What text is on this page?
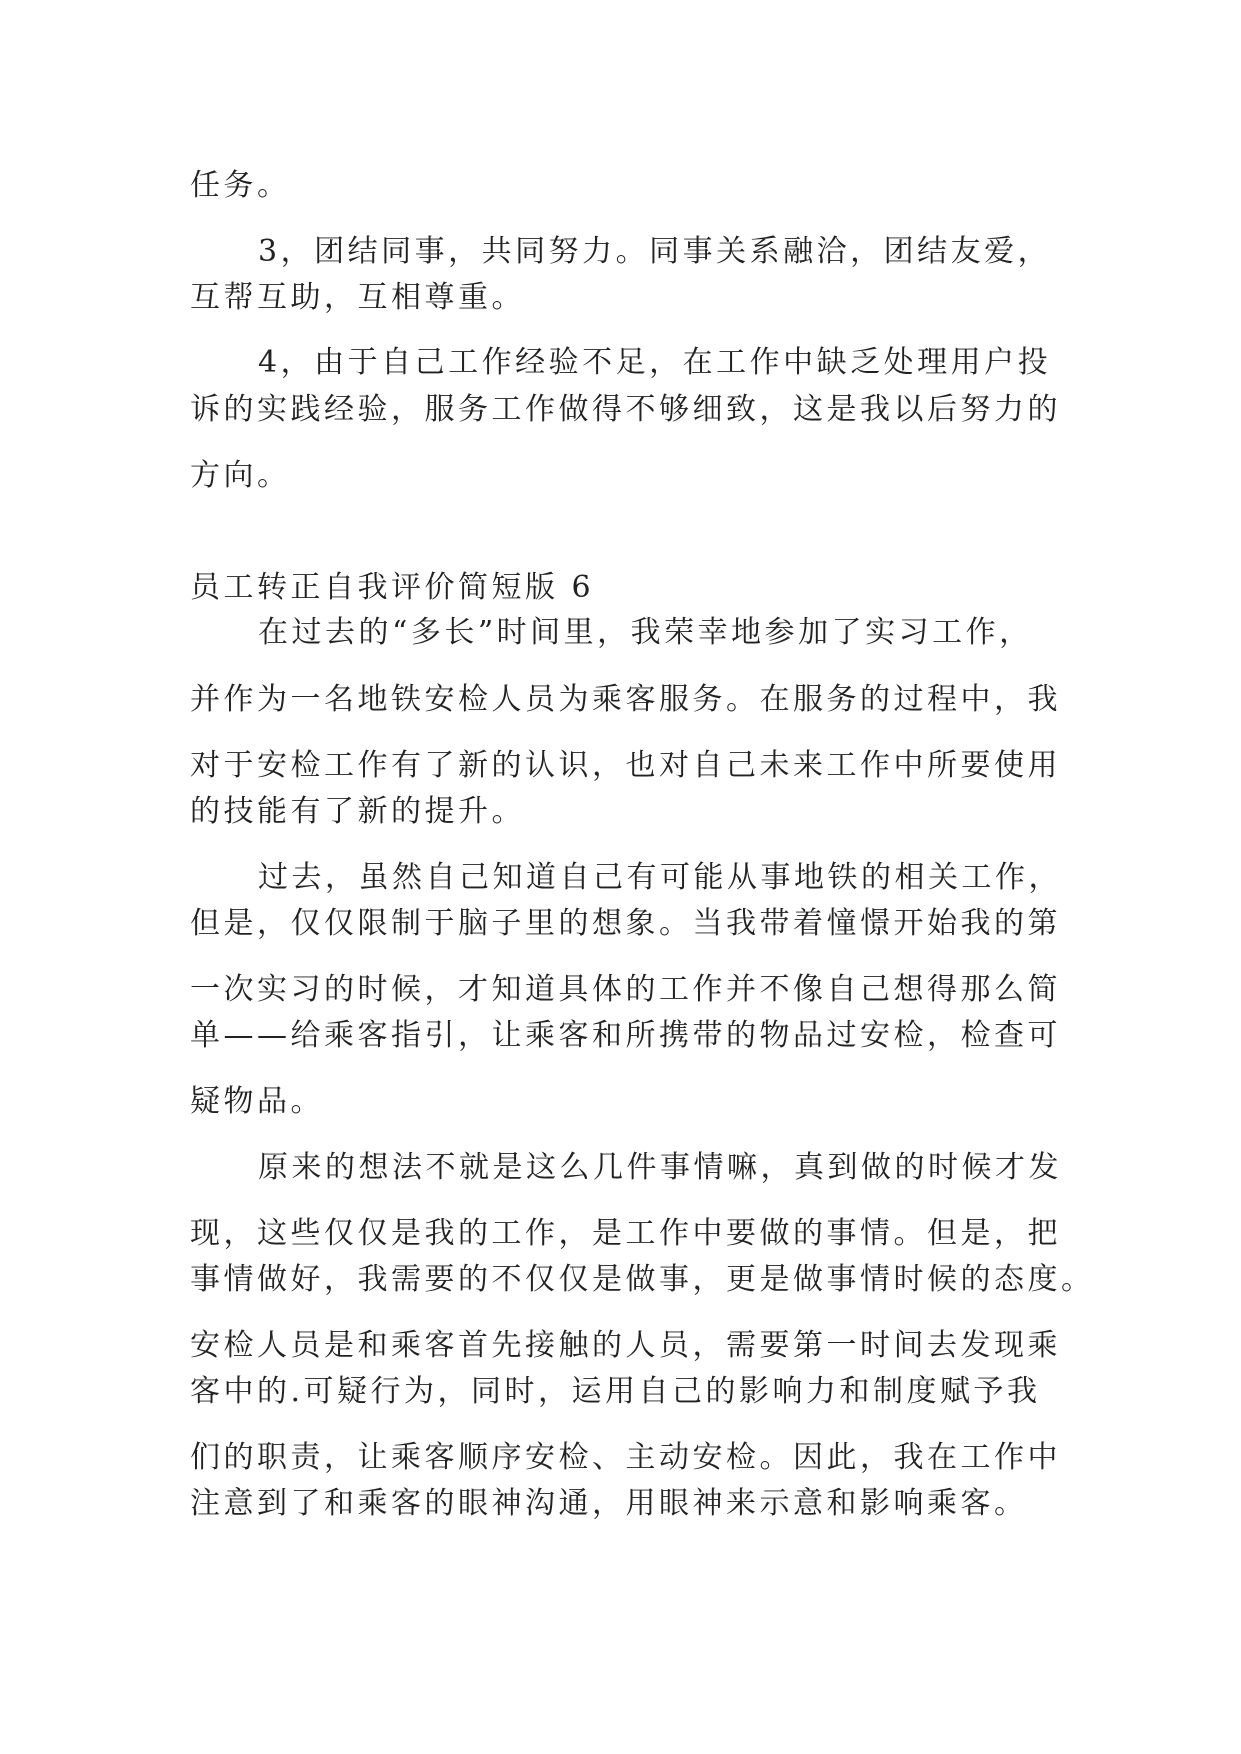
任务。
3，团结同事，共同努力。同事关系融洽，团结友爱，
互帮互助，互相尊重。
4，由于自己工作经验不足，在工作中缺乏处理用户投
诉的实践经验，服务工作做得不够细致，这是我以后努力的
方向。
员工转正自我评价简短版 6
在过去的“多长”时间里，我荣幸地参加了实习工作，
并作为一名地铁安检人员为乘客服务。在服务的过程中，我
对于安检工作有了新的认识，也对自己未来工作中所要使用
的技能有了新的提升。
过去，虽然自己知道自己有可能从事地铁的相关工作，
但是，仅仅限制于脑子里的想象。当我带着憧憬开始我的第
一次实习的时候，才知道具体的工作并不像自己想得那么简
单——给乘客指引，让乘客和所携带的物品过安检，检查可
疑物品。
原来的想法不就是这么几件事情嘛，真到做的时候才发
现，这些仅仅是我的工作，是工作中要做的事情。但是，把
事情做好，我需要的不仅仅是做事，更是做事情时候的态度。
安检人员是和乘客首先接触的人员，需要第一时间去发现乘
客中的.可疑行为，同时，运用自己的影响力和制度赋予我
们的职责，让乘客顺序安检、主动安检。因此，我在工作中
注意到了和乘客的眼神沟通，用眼神来示意和影响乘客。
